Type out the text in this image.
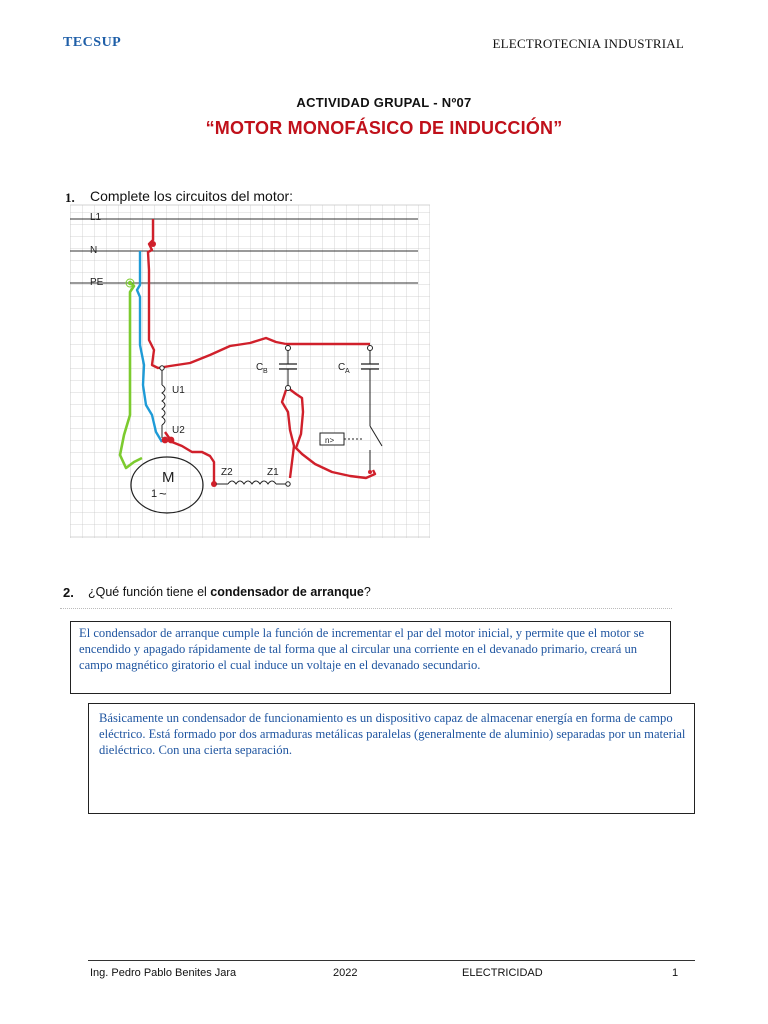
TECSUP	ELECTROTECNIA INDUSTRIAL
ACTIVIDAD GRUPAL - Nº07
“MOTOR MONOFÁSICO DE INDUCCIÓN”
1. Complete los circuitos del motor:
L1
N
PE
U1
U2
M
1 ~
Z2	Z1
C B	C A
n>
2. ¿Qué función tiene el condensador de arranque?
El condensador de arranque cumple la función de incrementar el par del motor inicial, y permite que el motor se encendido y apagado rápidamente de tal forma que al circular una corriente en el devanado primario, creará un campo magnético giratorio el cual induce un voltaje en el devanado secundario.
Básicamente un condensador de funcionamiento es un dispositivo capaz de almacenar energía en forma de campo eléctrico. Está formado por dos armaduras metálicas paralelas (generalmente de aluminio) separadas por un material dieléctrico. Con una cierta separación.
Ing. Pedro Pablo Benites Jara	2022	ELECTRICIDAD	1
